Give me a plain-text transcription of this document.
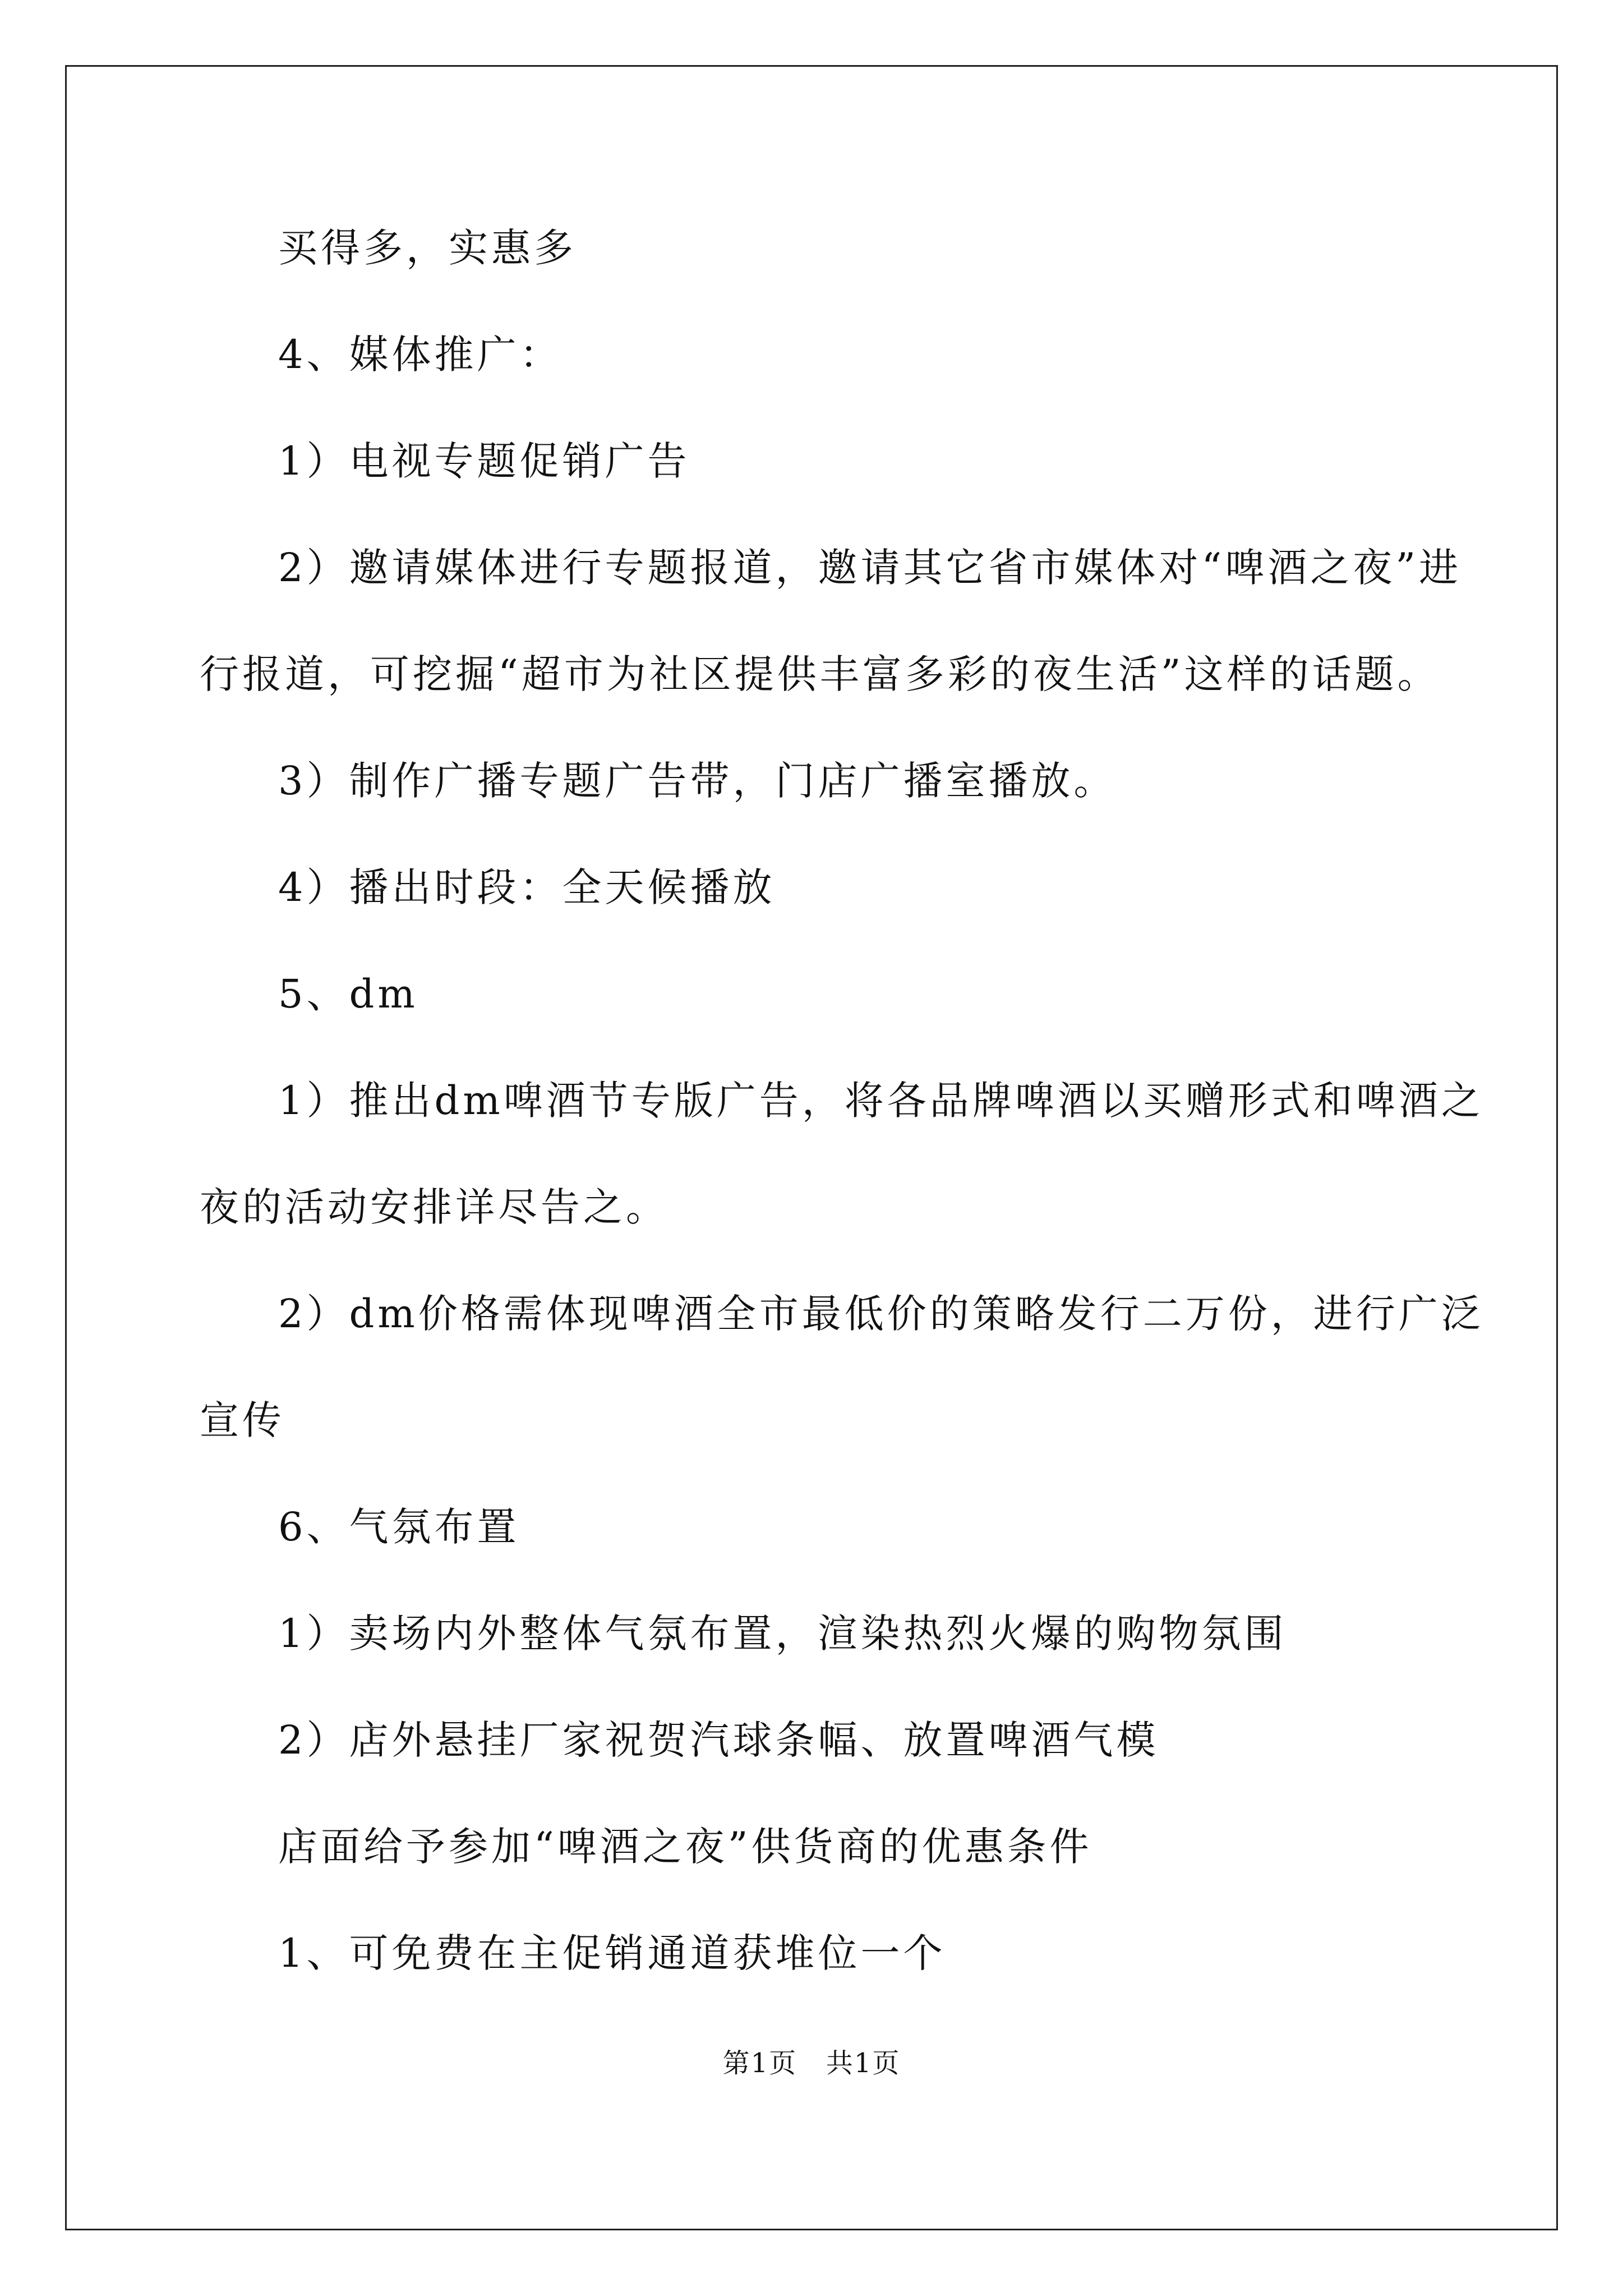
买得多，实惠多
4、媒体推广：
1）电视专题促销广告
2）邀请媒体进行专题报道，邀请其它省市媒体对“啤酒之夜”进
行报道，可挖掘“超市为社区提供丰富多彩的夜生活”这样的话题。
3）制作广播专题广告带，门店广播室播放。
4）播出时段：全天候播放
5、dm
1）推出dm啤酒节专版广告，将各品牌啤酒以买赠形式和啤酒之
夜的活动安排详尽告之。
2）dm价格需体现啤酒全市最低价的策略发行二万份，进行广泛
宣传
6、气氛布置
1）卖场内外整体气氛布置，渲染热烈火爆的购物氛围
2）店外悬挂厂家祝贺汽球条幅、放置啤酒气模
店面给予参加“啤酒之夜”供货商的优惠条件
1、可免费在主促销通道获堆位一个
第1页   共1页
